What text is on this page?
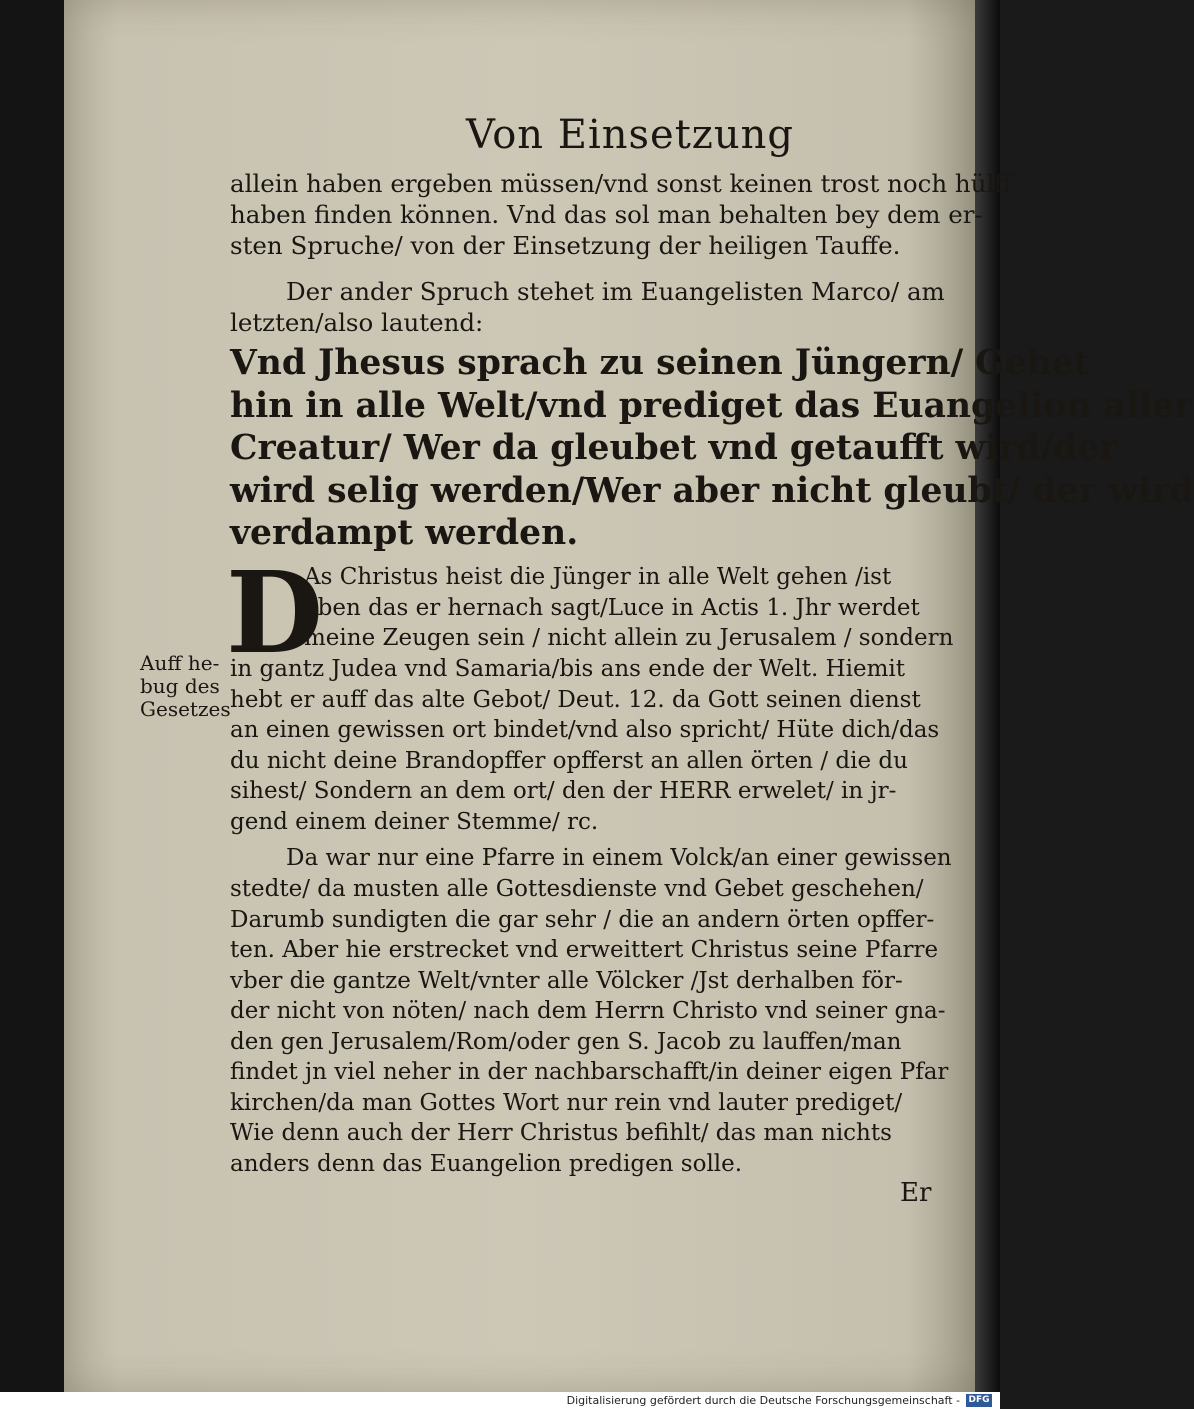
Von Einsetzung
allein haben ergeben müssen/vnd sonst keinen trost noch hülff
haben finden können. Vnd das sol man behalten bey dem er-
sten Spruche/ von der Einsetzung der heiligen Tauffe.
Der ander Spruch stehet im Euangelisten Marco/ am
letzten/also lautend:
Vnd Jhesus sprach zu seinen Jüngern/ Gehet
hin in alle Welt/vnd prediget das Euangelion aller
Creatur/ Wer da gleubet vnd getaufft wird/der
wird selig werden/Wer aber nicht gleubt/ der wird
verdampt werden.
D
As Christus heist die Jünger in alle Welt gehen /ist
eben das er hernach sagt/Luce in Actis 1. Jhr werdet
meine Zeugen sein / nicht allein zu Jerusalem / sondern
in gantz Judea vnd Samaria/bis ans ende der Welt. Hiemit
hebt er auff das alte Gebot/ Deut. 12. da Gott seinen dienst
an einen gewissen ort bindet/vnd also spricht/ Hüte dich/das
du nicht deine Brandopffer opfferst an allen örten / die du
sihest/ Sondern an dem ort/ den der HERR erwelet/ in jr-
gend einem deiner Stemme/ rc.
Da war nur eine Pfarre in einem Volck/an einer gewissen
stedte/ da musten alle Gottesdienste vnd Gebet geschehen/
Darumb sundigten die gar sehr / die an andern örten opffer-
ten. Aber hie erstrecket vnd erweittert Christus seine Pfarre
vber die gantze Welt/vnter alle Völcker /Jst derhalben för-
der nicht von nöten/ nach dem Herrn Christo vnd seiner gna-
den gen Jerusalem/Rom/oder gen S. Jacob zu lauffen/man
findet jn viel neher in der nachbarschafft/in deiner eigen Pfar
kirchen/da man Gottes Wort nur rein vnd lauter prediget/
Wie denn auch der Herr Christus befihlt/ das man nichts
anders denn das Euangelion predigen solle.
Er
Auff he-
bug des
Gesetzes
Digitalisierung gefördert durch die Deutsche Forschungsgemeinschaft - DFG
